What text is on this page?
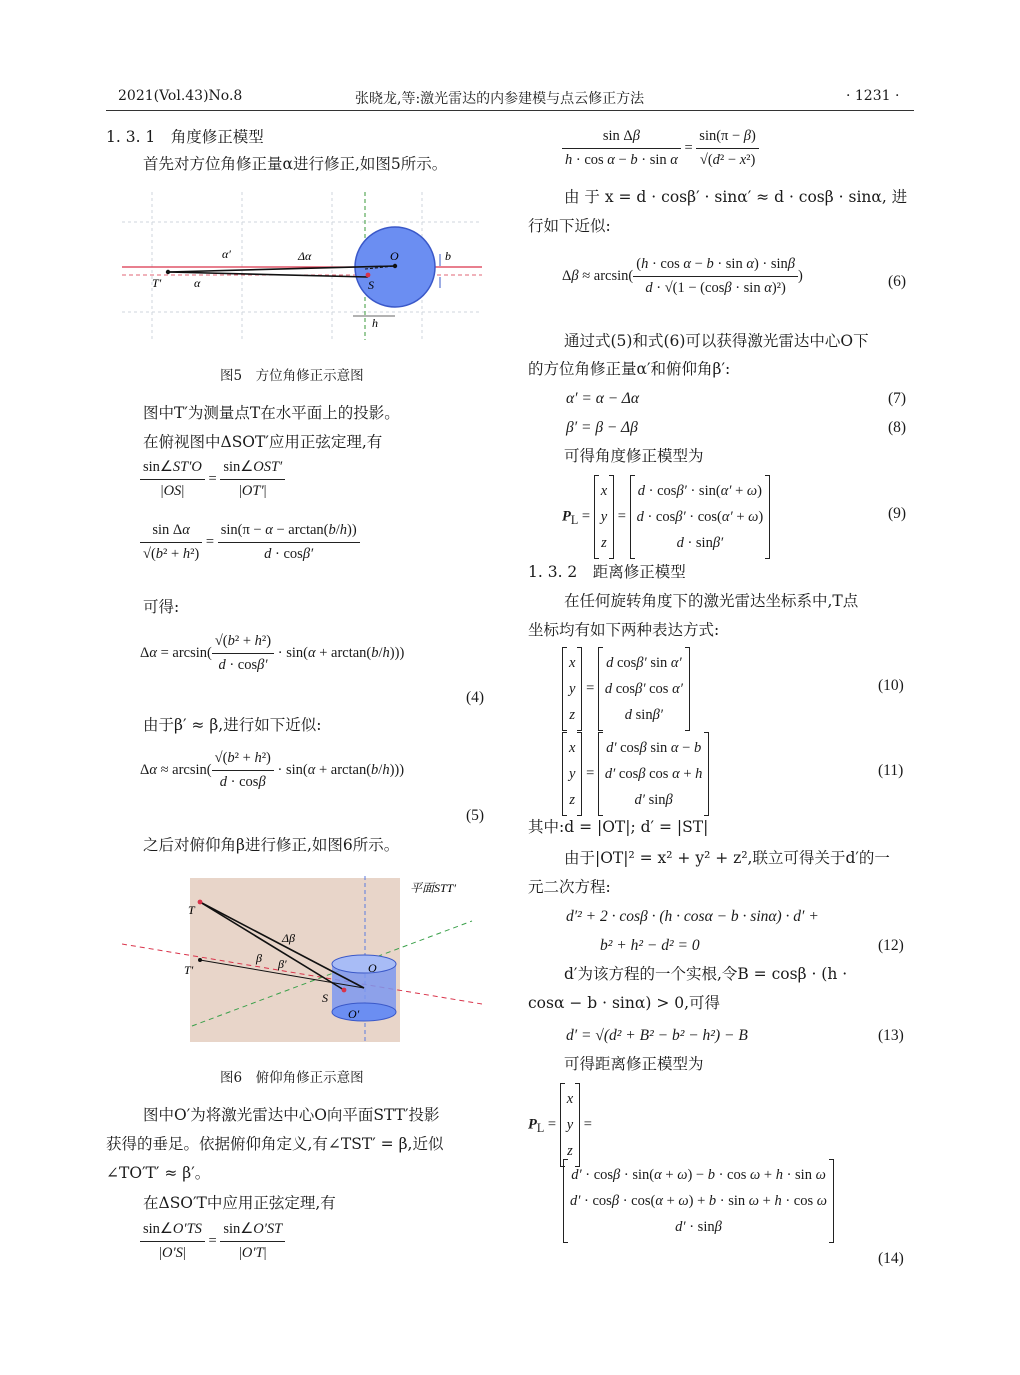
2021(Vol.43)No.8	张晓龙,等:激光雷达的内参建模与点云修正方法	· 1231 ·
1. 3. 1　角度修正模型
首先对方位角修正量α进行修正,如图5所示。
α′	Δα	O	b
T′	α	S
h
图5　方位角修正示意图
图中T′为测量点T在水平面上的投影。
在俯视图中ΔSOT′应用正弦定理,有
$\frac{\sin\angle ST'O}{|OS|} = \frac{\text{sin∠OST′}}{|OT'|}$
$\frac{\text{sin Δα}}{\text{√(b² + h²)}} = \frac{\sin(\pi - \alpha - \arctan(b/h))}{d \cdot \cos\beta'}$
可得:
$\Delta\alpha = \arcsin( \frac{\text{√(b² + h²)}}{d \cdot \cos\beta'} \cdot \sin(\alpha + \arctan(b/h)))$
(4)
由于β′ ≈ β,进行如下近似:
$\Delta\alpha \approx \arcsin( \frac{\text{√(b² + h²)}}{d \cdot \cos\beta} \cdot \sin(\alpha + \arctan(b/h)))$
(5)
之后对俯仰角β进行修正,如图6所示。
平面STT′
T
Δβ
β β′
T′	O
S
O′
图6　俯仰角修正示意图
图中O′为将激光雷达中心O向平面STT′投影
获得的垂足。依据俯仰角定义,有∠TST′ = β,近似
∠TO′T′ ≈ β′。
在ΔSO′T中应用正弦定理,有
$\frac{\sin\angle O'TS}{|O'S|} = \frac{\sin\angle O'ST}{|O'T|}$
$\frac{\text{sin Δβ}}{\text{h · cos α − b · sin α}} = \frac{\sin(\pi - \beta)}{\text{√(d² − x²)}}$
由 于 x = d · cosβ′ · sinα′ ≈ d · cosβ · sinα, 进
行如下近似:
$\Delta\beta \approx \arcsin( \frac{\text{(h · cos α − b · sin α) · sinβ}}{\text{d · √(1 − (cosβ · sin α)²)}}$ )	(6)
通过式(5)和式(6)可以获得激光雷达中心O下
的方位角修正量α′和俯仰角β′:
α′ = α − Δα	(7)
β′ = β − Δβ	(8)
可得角度修正模型为
$P_L$ =
x
y
z
=
d · cosβ′ · sin(α′ + ω)
d · cosβ′ · cos(α′ + ω)
d · sinβ′
(9)
1. 3. 2　距离修正模型
在任何旋转角度下的激光雷达坐标系中,T点
坐标均有如下两种表达方式:
x
y
z
=
d cosβ′ sin α′
d cosβ′ cos α′
d sinβ′
(10)
x
y
z
=
d′ cosβ sin α − b
d′ cosβ cos α + h
d′ sinβ
(11)
其中:d = |OT|; d′ = |ST|
由于|OT|² = x² + y² + z²,联立可得关于d′的一
元二次方程:
d′² + 2 · cosβ · (h · cosα − b · sinα) · d′ +
b² + h² − d² = 0	(12)
d′为该方程的一个实根,令B = cosβ · (h ·
cosα − b · sinα) > 0,可得
d′ = √(d² + B² − b² − h²) − B	(13)
可得距离修正模型为
$P_L$ =
x
y
z
=
d′ · cosβ · sin(α + ω) − b · cos ω + h · sin ω
d′ · cosβ · cos(α + ω) + b · sin ω + h · cos ω
d′ · sinβ
(14)
